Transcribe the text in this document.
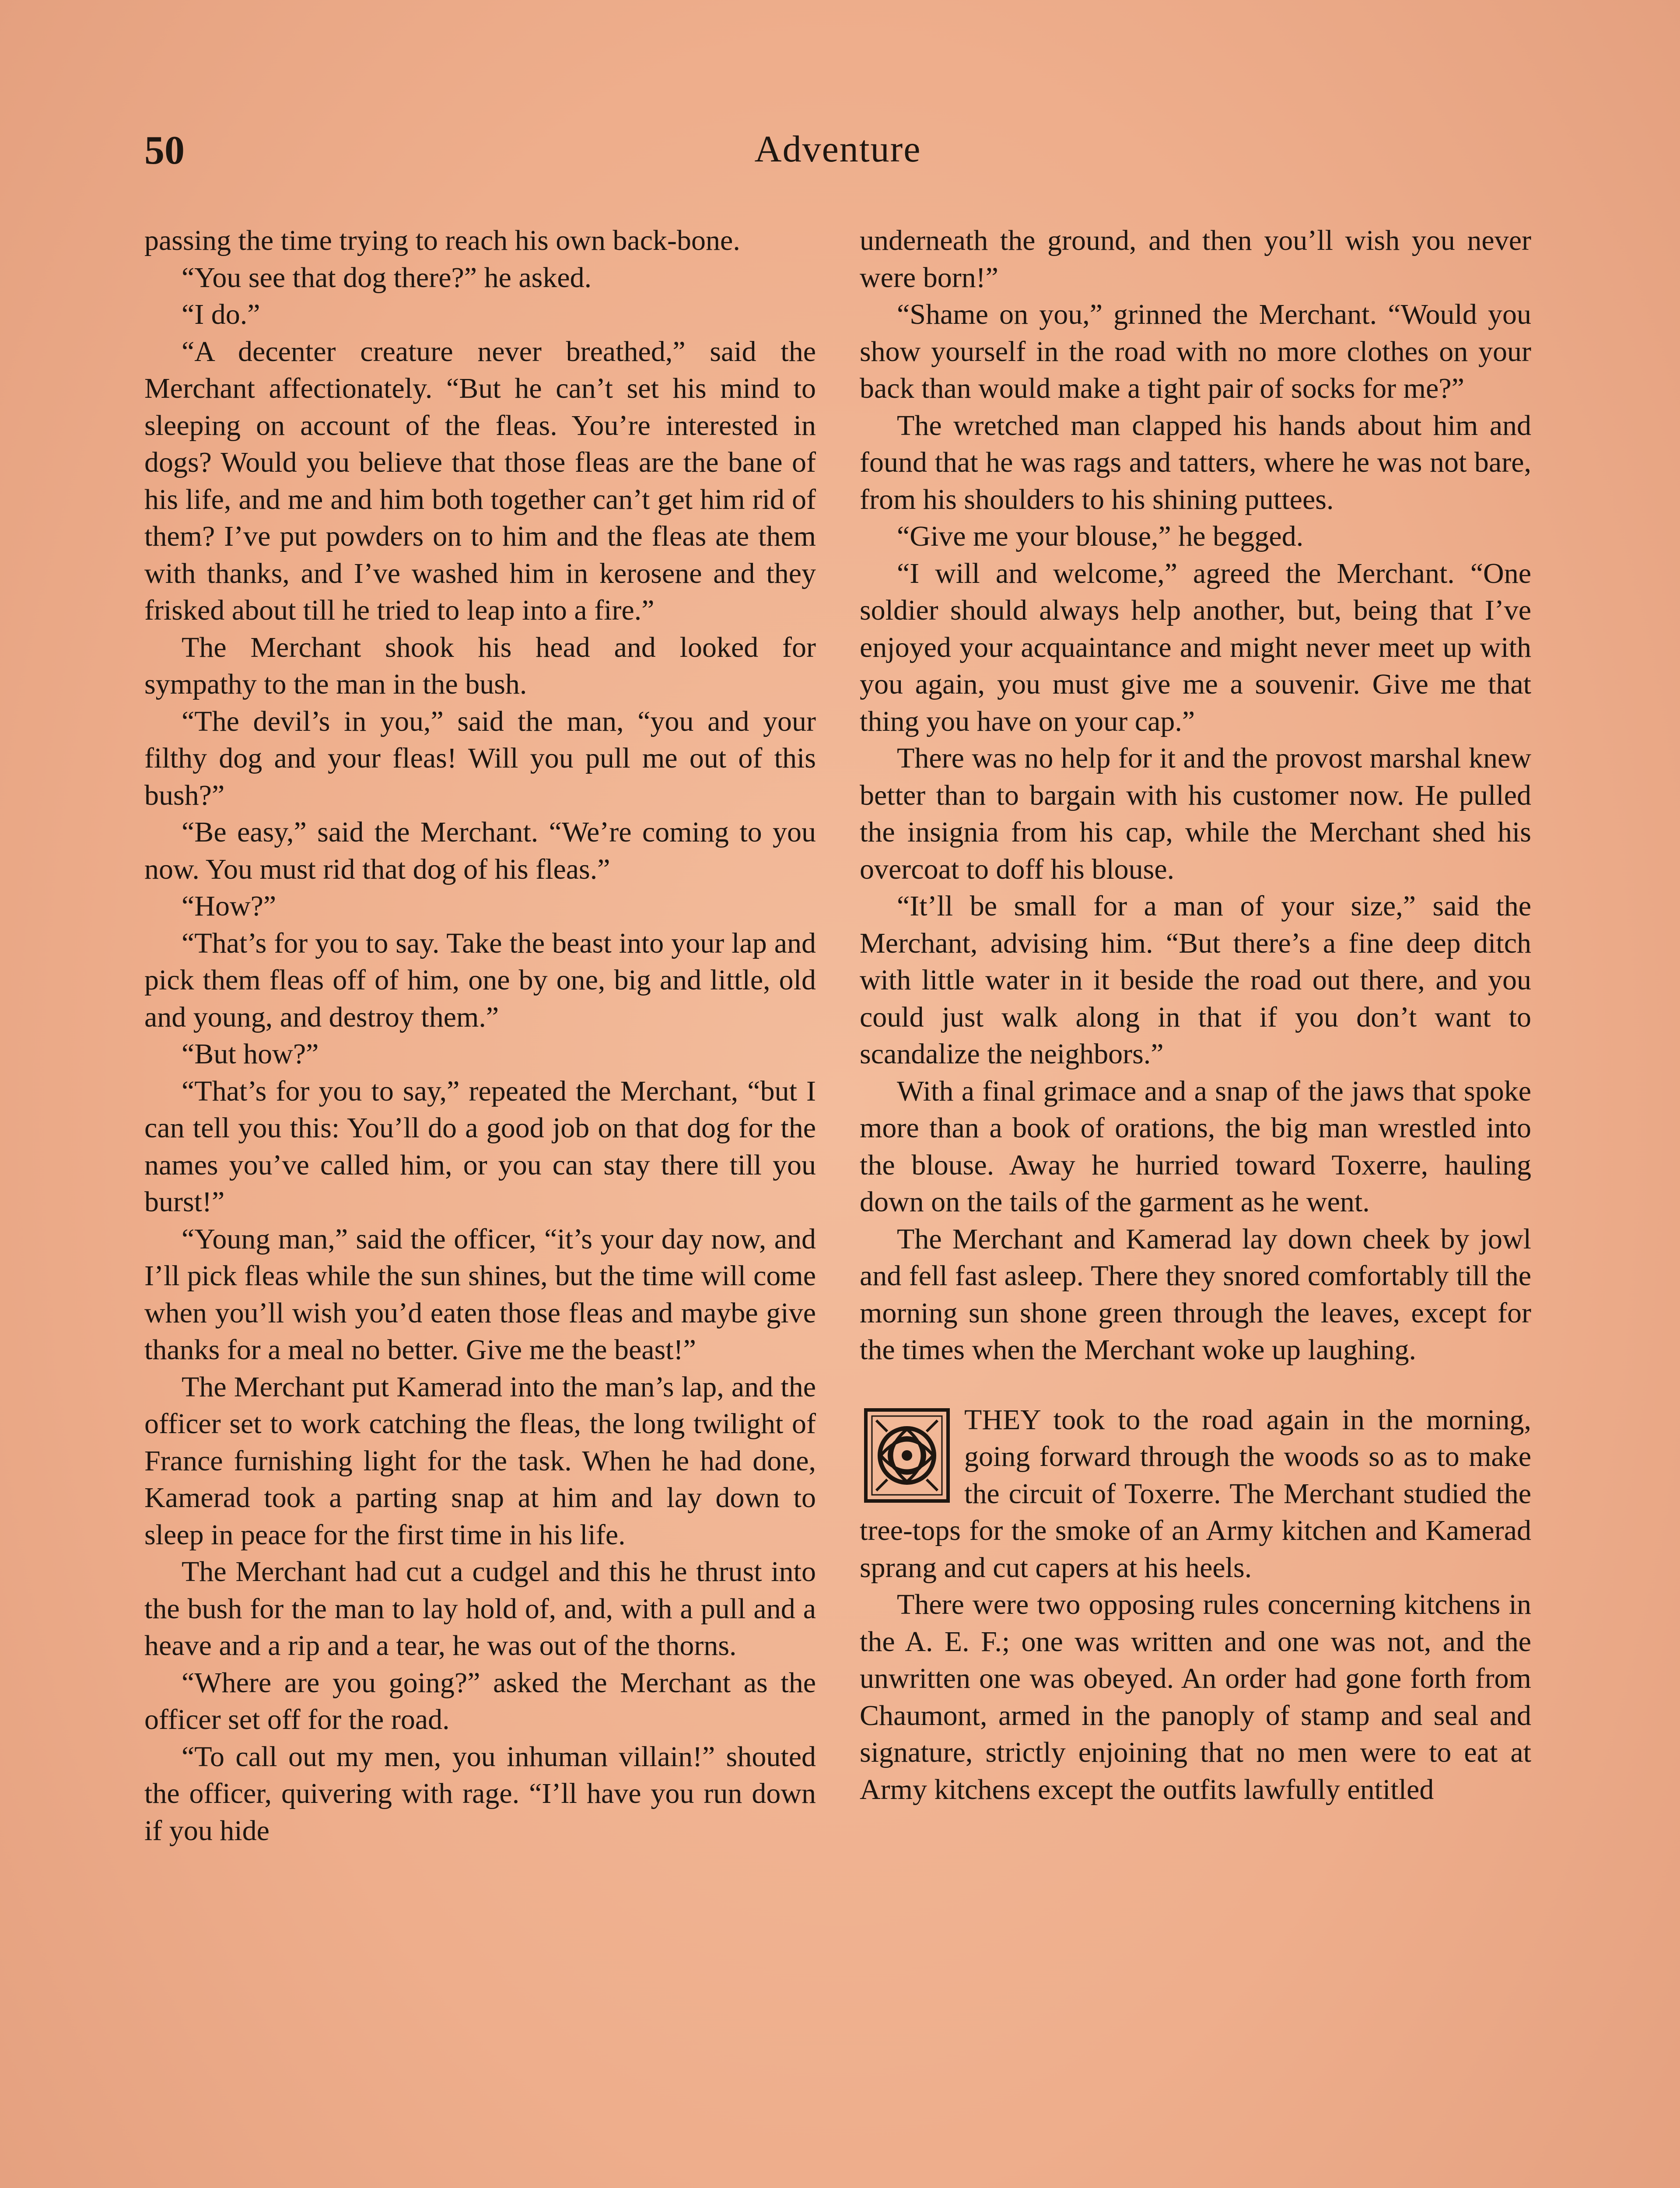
50	Adventure

passing the time trying to reach his own back-bone.

“You see that dog there?” he asked.

“I do.”

“A decenter creature never breathed,” said the Merchant affectionately. “But he can’t set his mind to sleeping on account of the fleas. You’re interested in dogs? Would you believe that those fleas are the bane of his life, and me and him both together can’t get him rid of them? I’ve put powders on to him and the fleas ate them with thanks, and I’ve washed him in kerosene and they frisked about till he tried to leap into a fire.”

The Merchant shook his head and looked for sympathy to the man in the bush.

“The devil’s in you,” said the man, “you and your filthy dog and your fleas! Will you pull me out of this bush?”

“Be easy,” said the Merchant. “We’re coming to you now. You must rid that dog of his fleas.”

“How?”

“That’s for you to say. Take the beast into your lap and pick them fleas off of him, one by one, big and little, old and young, and destroy them.”

“But how?”

“That’s for you to say,” repeated the Merchant, “but I can tell you this: You’ll do a good job on that dog for the names you’ve called him, or you can stay there till you burst!”

“Young man,” said the officer, “it’s your day now, and I’ll pick fleas while the sun shines, but the time will come when you’ll wish you’d eaten those fleas and maybe give thanks for a meal no better. Give me the beast!”

The Merchant put Kamerad into the man’s lap, and the officer set to work catching the fleas, the long twilight of France furnishing light for the task. When he had done, Kamerad took a parting snap at him and lay down to sleep in peace for the first time in his life.

The Merchant had cut a cudgel and this he thrust into the bush for the man to lay hold of, and, with a pull and a heave and a rip and a tear, he was out of the thorns.

“Where are you going?” asked the Merchant as the officer set off for the road.

“To call out my men, you inhuman villain!” shouted the officer, quivering with rage. “I’ll have you run down if you hide

underneath the ground, and then you’ll wish you never were born!”

“Shame on you,” grinned the Merchant. “Would you show yourself in the road with no more clothes on your back than would make a tight pair of socks for me?”

The wretched man clapped his hands about him and found that he was rags and tatters, where he was not bare, from his shoulders to his shining puttees.

“Give me your blouse,” he begged.

“I will and welcome,” agreed the Merchant. “One soldier should always help another, but, being that I’ve enjoyed your acquaintance and might never meet up with you again, you must give me a souvenir. Give me that thing you have on your cap.”

There was no help for it and the provost marshal knew better than to bargain with his customer now. He pulled the insignia from his cap, while the Merchant shed his overcoat to doff his blouse.

“It’ll be small for a man of your size,” said the Merchant, advising him. “But there’s a fine deep ditch with little water in it beside the road out there, and you could just walk along in that if you don’t want to scandalize the neighbors.”

With a final grimace and a snap of the jaws that spoke more than a book of orations, the big man wrestled into the blouse. Away he hurried toward Toxerre, hauling down on the tails of the garment as he went.

The Merchant and Kamerad lay down cheek by jowl and fell fast asleep. There they snored comfortably till the morning sun shone green through the leaves, except for the times when the Merchant woke up laughing.

THEY took to the road again in the morning, going forward through the woods so as to make the circuit of Toxerre. The Merchant studied the tree-tops for the smoke of an Army kitchen and Kamerad sprang and cut capers at his heels.

There were two opposing rules concerning kitchens in the A. E. F.; one was written and one was not, and the unwritten one was obeyed. An order had gone forth from Chaumont, armed in the panoply of stamp and seal and signature, strictly enjoining that no men were to eat at Army kitchens except the outfits lawfully entitled
